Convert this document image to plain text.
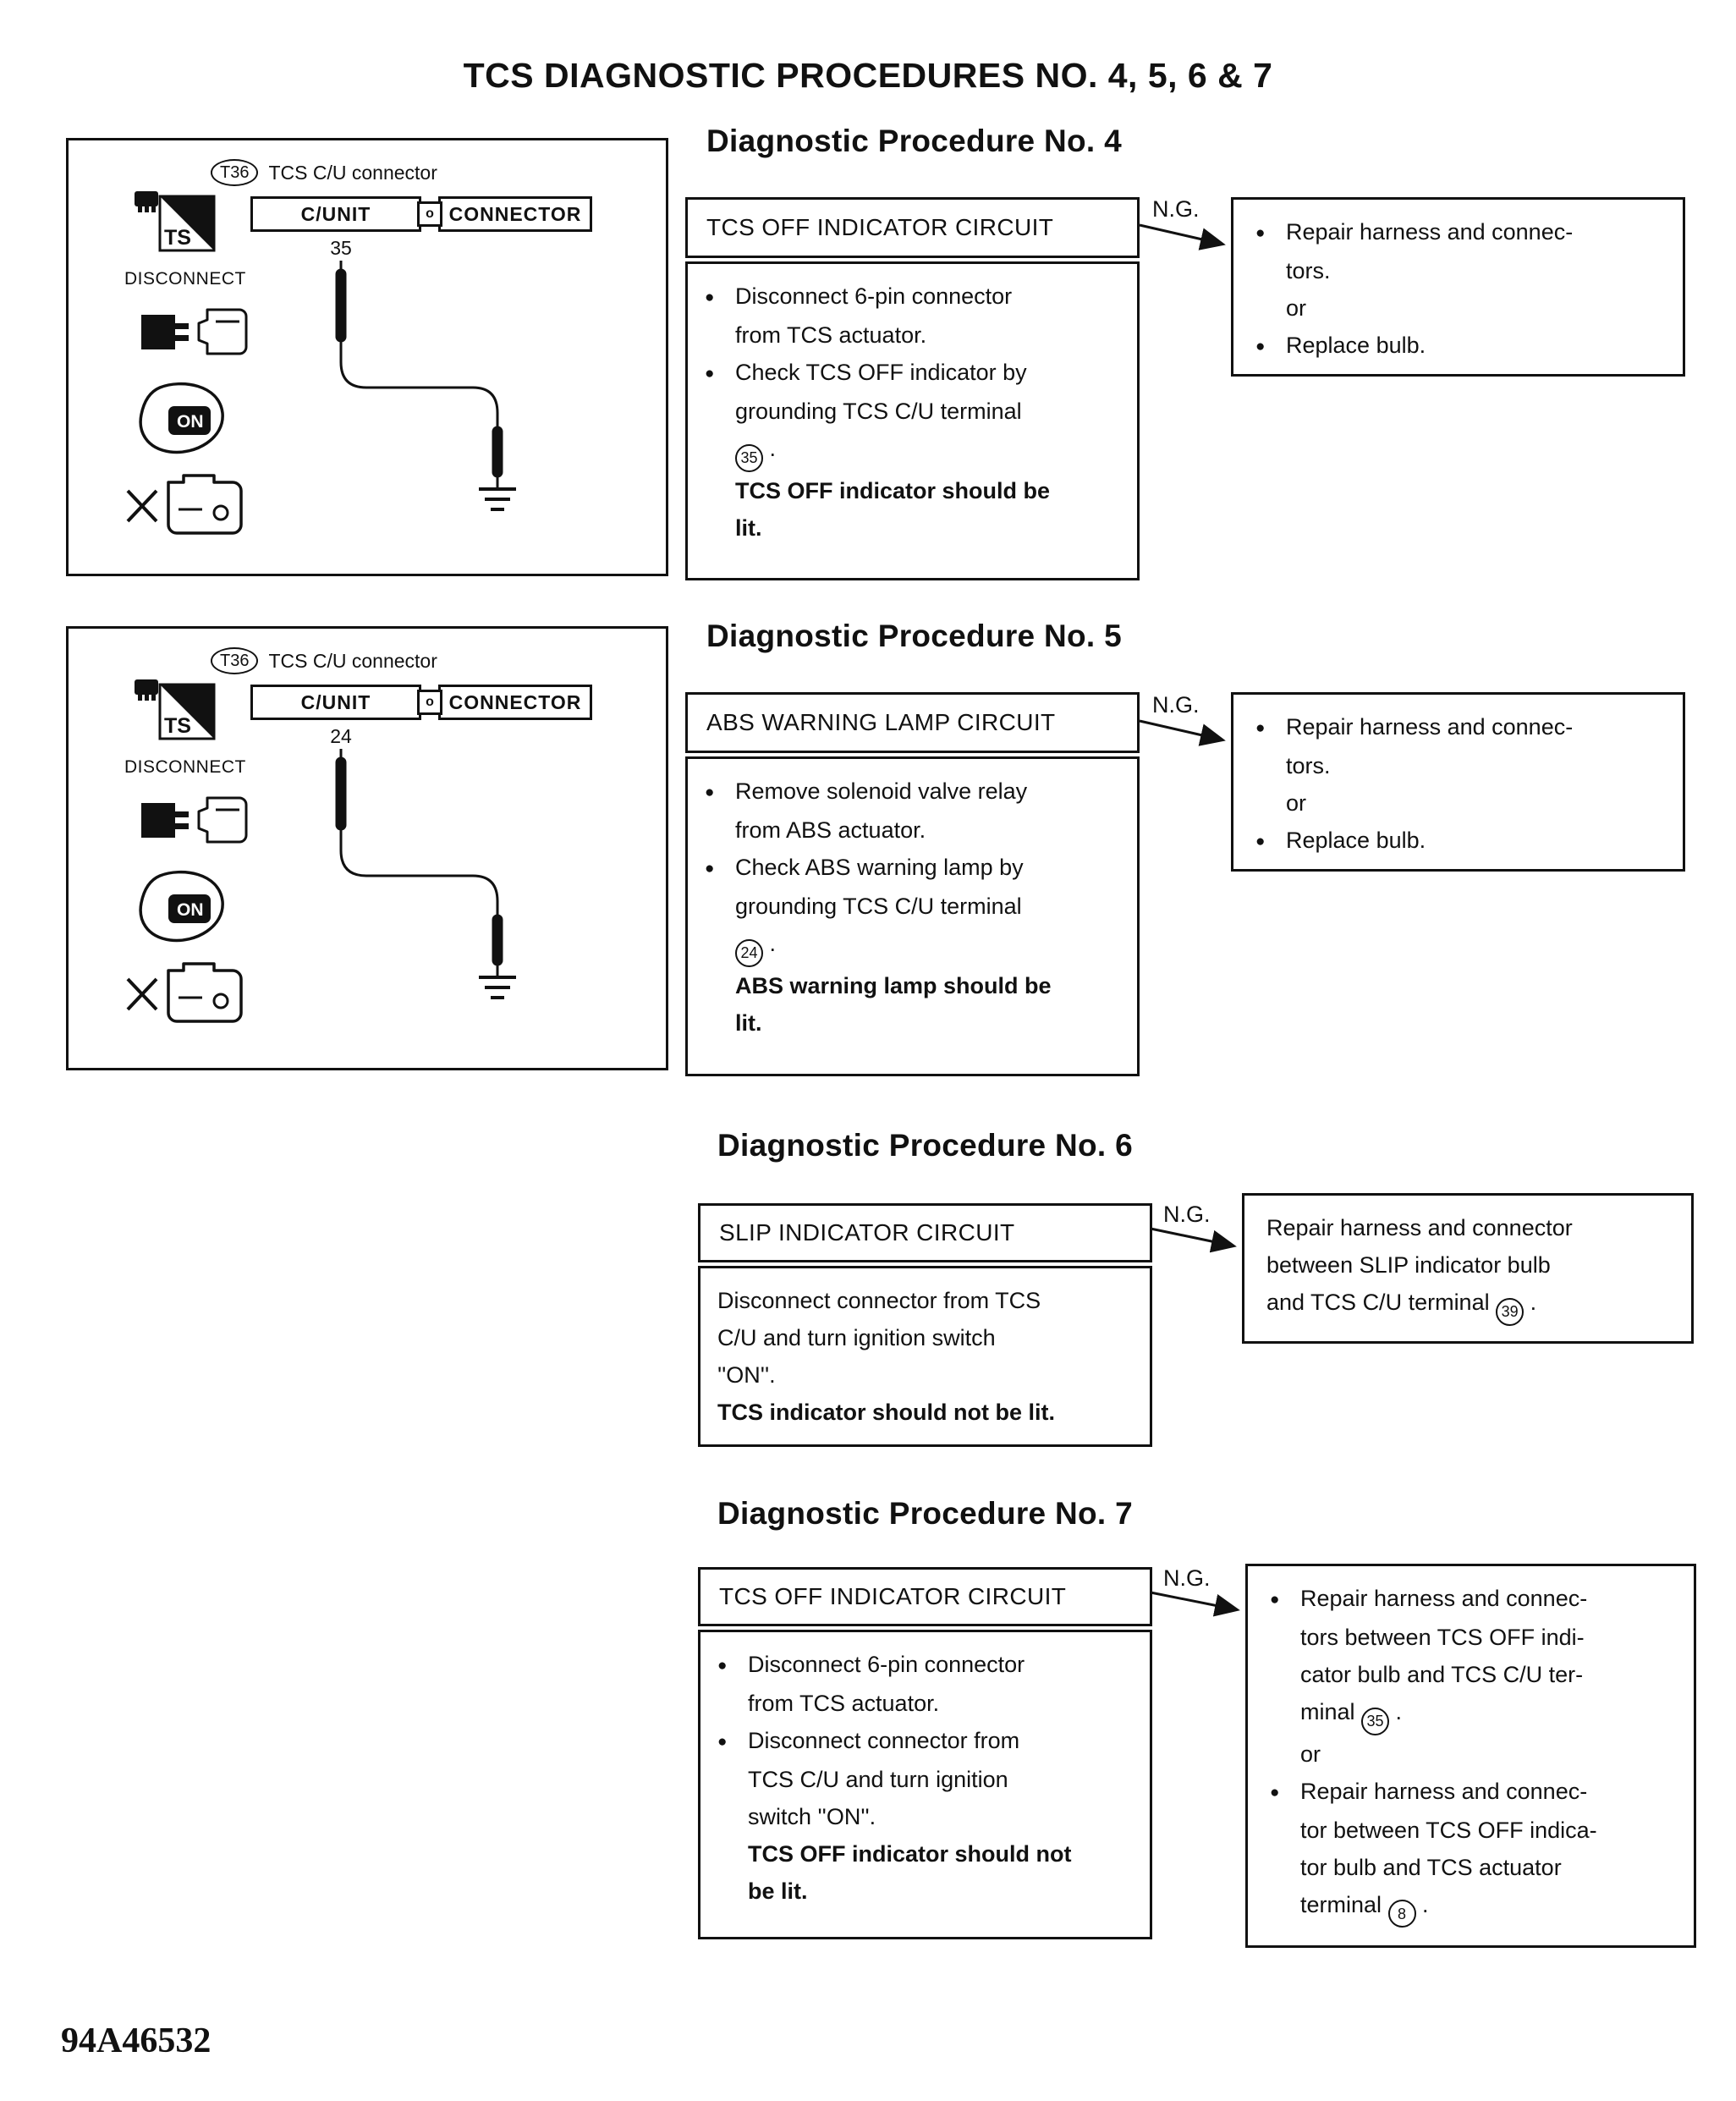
TCS DIAGNOSTIC PROCEDURES NO. 4, 5, 6 & 7
T36	TCS C/U connector
C/UNIT	o CONNECTOR
35
TS
DISCONNECT
ON
T36	TCS C/U connector
C/UNIT	o CONNECTOR
24
TS
DISCONNECT
ON
Diagnostic Procedure No. 4
TCS OFF INDICATOR CIRCUIT
● Disconnect 6-pin connector
from TCS actuator.
● Check TCS OFF indicator by
grounding TCS C/U terminal
35 .
TCS OFF indicator should be
lit.
N.G.
● Repair harness and connec-
tors.
or
● Replace bulb.
Diagnostic Procedure No. 5
ABS WARNING LAMP CIRCUIT
● Remove solenoid valve relay
from ABS actuator.
● Check ABS warning lamp by
grounding TCS C/U terminal
24 .
ABS warning lamp should be
lit.
N.G.
● Repair harness and connec-
tors.
or
● Replace bulb.
Diagnostic Procedure No. 6
SLIP INDICATOR CIRCUIT
Disconnect connector from TCS
C/U and turn ignition switch
''ON''.
TCS indicator should not be lit.
N.G.
Repair harness and connector
between SLIP indicator bulb
and TCS C/U terminal 39 .
Diagnostic Procedure No. 7
TCS OFF INDICATOR CIRCUIT
● Disconnect 6-pin connector
from TCS actuator.
● Disconnect connector from
TCS C/U and turn ignition
switch ''ON''.
TCS OFF indicator should not
be lit.
N.G.
● Repair harness and connec-
tors between TCS OFF indi-
cator bulb and TCS C/U ter-
minal 35 .
or
● Repair harness and connec-
tor between TCS OFF indica-
tor bulb and TCS actuator
terminal 8 .
94A46532
